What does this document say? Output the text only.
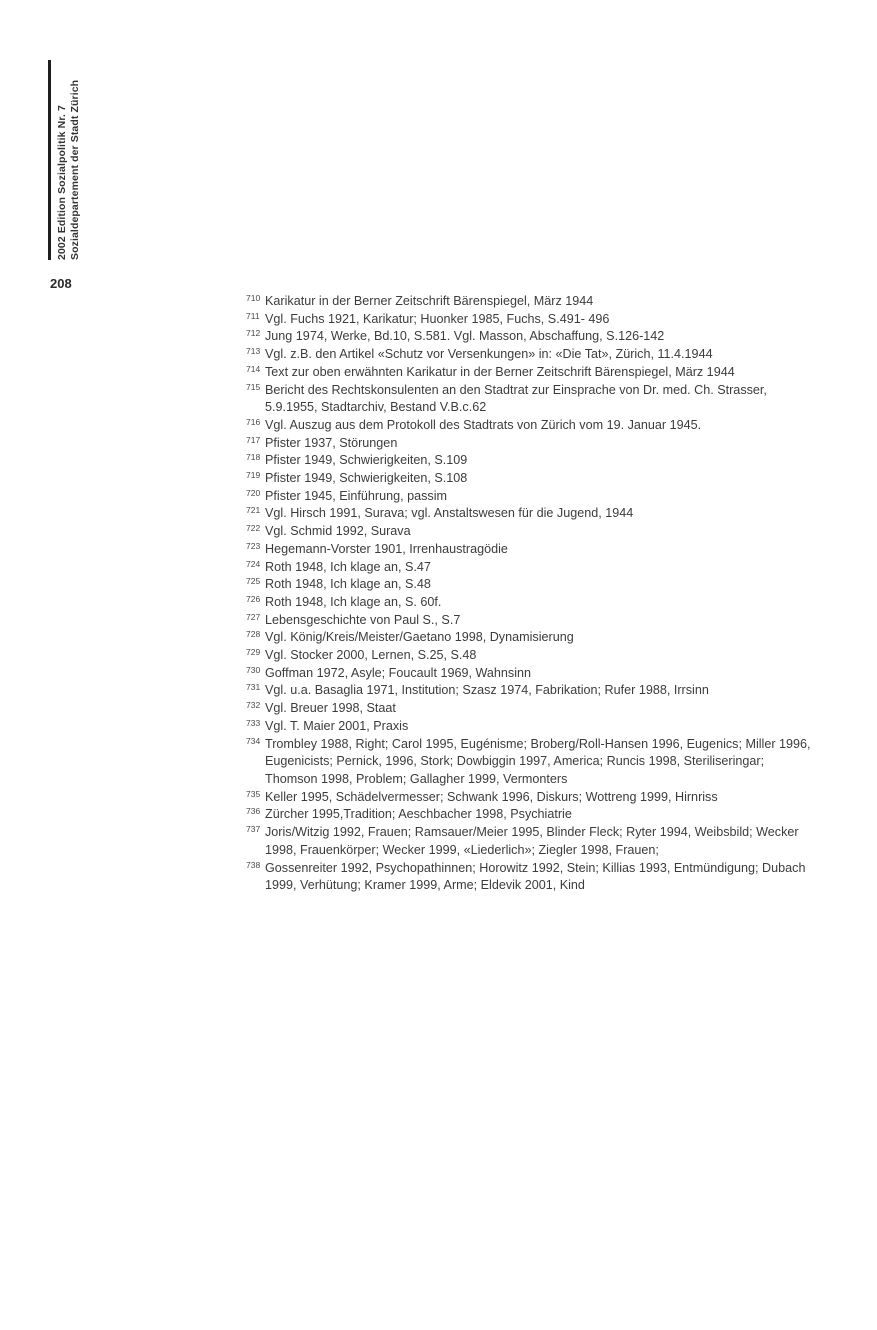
2002 Edition Sozialpolitik Nr. 7 Sozialdepartement der Stadt Zürich
208
710 Karikatur in der Berner Zeitschrift Bärenspiegel, März 1944
711 Vgl. Fuchs 1921, Karikatur; Huonker 1985, Fuchs, S.491- 496
712 Jung 1974, Werke, Bd.10, S.581. Vgl. Masson, Abschaffung, S.126-142
713 Vgl. z.B. den Artikel «Schutz vor Versenkungen» in: «Die Tat», Zürich, 11.4.1944
714 Text zur oben erwähnten Karikatur in der Berner Zeitschrift Bärenspiegel, März 1944
715 Bericht des Rechtskonsulenten an den Stadtrat zur Einsprache von Dr. med. Ch. Strasser, 5.9.1955, Stadtarchiv, Bestand V.B.c.62
716 Vgl. Auszug aus dem Protokoll des Stadtrats von Zürich vom 19. Januar 1945.
717 Pfister 1937, Störungen
718 Pfister 1949, Schwierigkeiten, S.109
719 Pfister 1949, Schwierigkeiten, S.108
720 Pfister 1945, Einführung, passim
721 Vgl. Hirsch 1991, Surava; vgl. Anstaltswesen für die Jugend, 1944
722 Vgl. Schmid 1992, Surava
723 Hegemann-Vorster 1901, Irrenhaustragödie
724 Roth 1948, Ich klage an, S.47
725 Roth 1948, Ich klage an, S.48
726 Roth 1948, Ich klage an, S. 60f.
727 Lebensgeschichte von Paul S., S.7
728 Vgl. König/Kreis/Meister/Gaetano 1998, Dynamisierung
729 Vgl. Stocker 2000, Lernen, S.25, S.48
730 Goffman 1972, Asyle; Foucault 1969, Wahnsinn
731 Vgl. u.a. Basaglia 1971, Institution; Szasz 1974, Fabrikation; Rufer 1988, Irrsinn
732 Vgl. Breuer 1998, Staat
733 Vgl. T. Maier 2001, Praxis
734 Trombley 1988, Right; Carol 1995, Eugénisme; Broberg/Roll-Hansen 1996, Eugenics; Miller 1996, Eugenicists; Pernick, 1996, Stork; Dowbiggin 1997, America; Runcis 1998, Steriliseringar; Thomson 1998, Problem; Gallagher 1999, Vermonters
735 Keller 1995, Schädelvermesser; Schwank 1996, Diskurs; Wottreng 1999, Hirnriss
736 Zürcher 1995,Tradition; Aeschbacher 1998, Psychiatrie
737 Joris/Witzig 1992, Frauen; Ramsauer/Meier 1995, Blinder Fleck; Ryter 1994, Weibsbild; Wecker 1998, Frauenkörper; Wecker 1999, «Liederlich»; Ziegler 1998, Frauen;
738 Gossenreiter 1992, Psychopathinnen; Horowitz 1992, Stein; Killias 1993, Entmündigung; Dubach 1999, Verhütung; Kramer 1999, Arme; Eldevik 2001, Kind
